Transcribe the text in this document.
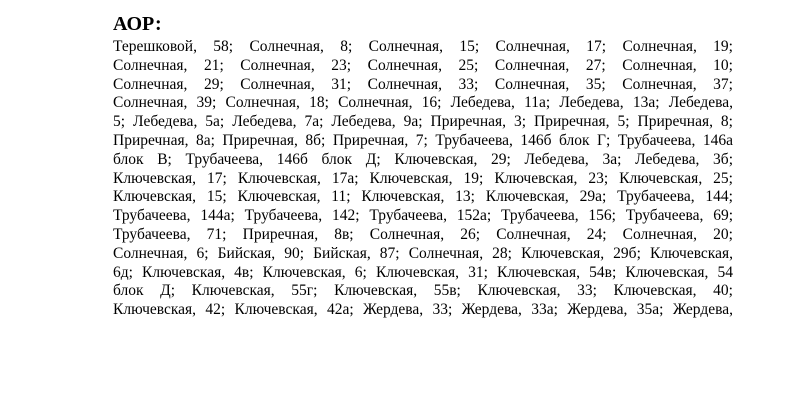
АОР:
Терешковой, 58; Солнечная, 8; Солнечная, 15; Солнечная, 17; Солнечная, 19;
Солнечная, 21; Солнечная, 23; Солнечная, 25; Солнечная, 27; Солнечная, 10;
Солнечная, 29; Солнечная, 31; Солнечная, 33; Солнечная, 35; Солнечная, 37;
Солнечная, 39; Солнечная, 18; Солнечная, 16; Лебедева, 11а; Лебедева, 13а; Лебедева,
5; Лебедева, 5а; Лебедева, 7а; Лебедева, 9а; Приречная, 3; Приречная, 5; Приречная, 8;
Приречная, 8а; Приречная, 8б; Приречная, 7; Трубачеева, 146б блок Г; Трубачеева, 146а
блок В; Трубачеева, 146б блок Д; Ключевская, 29; Лебедева, 3а; Лебедева, 3б;
Ключевская, 17; Ключевская, 17а; Ключевская, 19; Ключевская, 23; Ключевская, 25;
Ключевская, 15; Ключевская, 11; Ключевская, 13; Ключевская, 29а; Трубачеева, 144;
Трубачеева, 144а; Трубачеева, 142; Трубачеева, 152а; Трубачеева, 156; Трубачеева, 69;
Трубачеева, 71; Приречная, 8в; Солнечная, 26; Солнечная, 24; Солнечная, 20;
Солнечная, 6; Бийская, 90; Бийская, 87; Солнечная, 28; Ключевская, 29б; Ключевская,
6д; Ключевская, 4в; Ключевская, 6; Ключевская, 31; Ключевская, 54в; Ключевская, 54
блок Д; Ключевская, 55г; Ключевская, 55в; Ключевская, 33; Ключевская, 40;
Ключевская, 42; Ключевская, 42а; Жердева, 33; Жердева, 33а; Жердева, 35а; Жердева,
